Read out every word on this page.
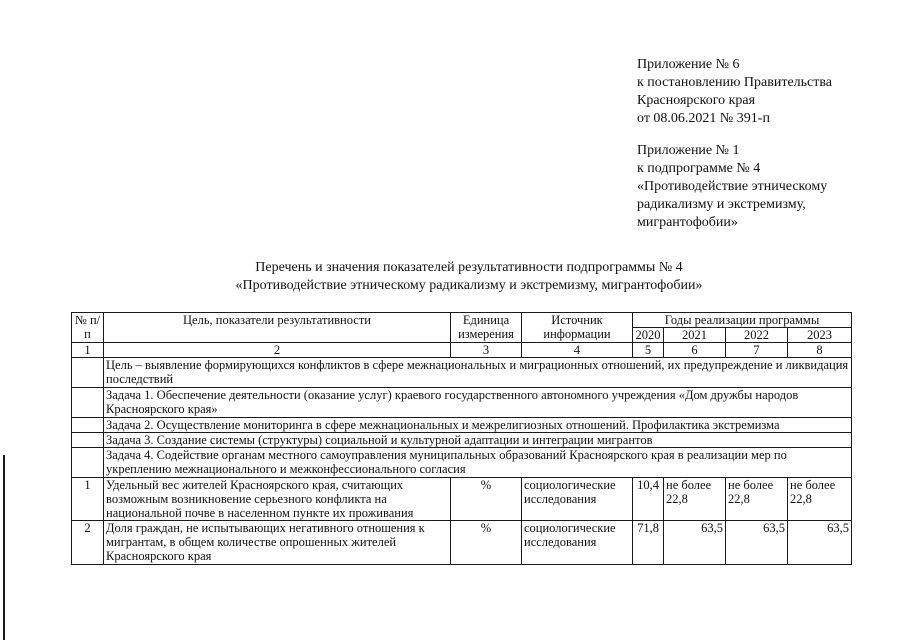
Приложение № 6
к постановлению Правительства
Красноярского края
от 08.06.2021 № 391-п
Приложение № 1
к подпрограмме № 4
«Противодействие этническому
радикализму и экстремизму,
мигрантофобии»
Перечень и значения показателей результативности подпрограммы № 4
«Противодействие этническому радикализму и экстремизму, мигрантофобии»
№ п/п	Цель, показатели результативности	Единица измерения	Источник информации	Годы реализации программы			
				2020	2021	2022	2023
1	2	3	4	5	6	7	8
	Цель – выявление формирующихся конфликтов в сфере межнациональных и миграционных отношений, их предупреждение и ликвидация последствий						
	Задача 1. Обеспечение деятельности (оказание услуг) краевого государственного автономного учреждения «Дом дружбы народов Красноярского края»						
	Задача 2. Осуществление мониторинга в сфере межнациональных и межрелигиозных отношений. Профилактика экстремизма						
	Задача 3. Создание системы (структуры) социальной и культурной адаптации и интеграции мигрантов						
	Задача 4. Содействие органам местного самоуправления муниципальных образований Красноярского края в реализации мер по укреплению межнационального и межконфессионального согласия						
1	Удельный вес жителей Красноярского края, считающих возможным возникновение серьезного конфликта на национальной почве в населенном пункте их проживания	%	социологические исследования	10,4	не более 22,8	не более 22,8	не более 22,8
2	Доля граждан, не испытывающих негативного отношения к мигрантам, в общем количестве опрошенных жителей Красноярского края	%	социологические исследования	71,8	63,5	63,5	63,5
